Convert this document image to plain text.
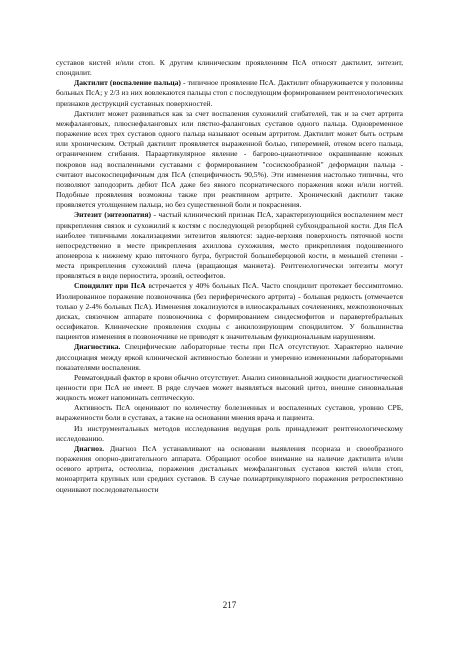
суставов кистей и/или стоп. К другим клиническим проявлениям ПсА относят дактилит, энтезит, спондилит.

Дактилит (воспаление пальца) - типичное проявление ПсА. Дактилит обнаруживается у половины больных ПсА; у 2/3 из них вовлекаются пальцы стоп с последующим формированием рентгенологических признаков деструкций суставных поверхностей.

Дактилит может развиваться как за счет воспаления сухожилий сгибателей, так и за счет артрита межфаланговых, плюснефаланговых или пястно-фаланговых суставов одного пальца. Одновременное поражение всех трех суставов одного пальца называют осевым артритом. Дактилит может быть острым или хроническим. Острый дактилит проявляется выраженной болью, гиперемией, отеком всего пальца, ограничением сгибания. Параартикулярное явление - багрово-цианотичное окрашивание кожных покровов над воспаленными суставами с формированием "сосискообразной" деформации пальца - считают высокоспецифичным для ПсА (специфичность 90,5%). Эти изменения настолько типичны, что позволяют заподозрить дебют ПсА даже без явного псориатического поражения кожи и/или ногтей. Подобные проявления возможны также при реактивном артрите. Хронический дактилит также проявляется утолщением пальца, но без существенной боли и покраснения.

Энтезит (энтезопатия) - частый клинический признак ПсА, характеризующийся воспалением мест прикрепления связок и сухожилий к костям с последующей резорбцией субхондральной кости. Для ПсА наиболее типичными локализациями энтезитов являются: задне-верхняя поверхность пяточной кости непосредственно в месте прикрепления ахиллова сухожилия, место прикрепления подошвенного апоневроза к нижнему краю пяточного бугра, бугристой большеберцовой кости, в меньшей степени - места прикрепления сухожилий плеча (вращающая манжета). Рентгенологически энтезиты могут проявляться в виде периостита, эрозий, остеофитов.

Спондилит при ПсА встречается у 40% больных ПсА. Часто спондилит протекает бессимптомно. Изолированное поражение позвоночника (без периферического артрита) - большая редкость (отмечается только у 2-4% больных ПсА). Изменения локализуются в илиосакральных сочленениях, межпозвоночных дисках, связочном аппарате позвоночника с формированием синдесмофитов и паравертебральных оссификатов. Клинические проявления сходны с анкилозирующим спондилитом. У большинства пациентов изменения в позвоночнике не приводят к значительным функциональным нарушениям.

Диагностика. Специфические лабораторные тесты при ПсА отсутствуют. Характерно наличие диссоциация между яркой клинической активностью болезни и умеренно измененными лабораторными показателями воспаления.

Ревматоидный фактор в крови обычно отсутствует. Анализ синовиальной жидкости диагностической ценности при ПсА не имеет. В ряде случаев может выявляться высокий цитоз, внешне синовиальная жидкость может напоминать септическую.

Активность ПсА оценивают по количеству болезненных и воспаленных суставов, уровню СРБ, выраженности боли в суставах, а также на основании мнения врача и пациента.

Из инструментальных методов исследования ведущая роль принадлежит рентгенологическому исследованию.

Диагноз. Диагноз ПсА устанавливают на основании выявления псориаза и своеобразного поражения опорно-двигательного аппарата. Обращают особое внимание на наличие дактилита и/или осевого артрита, остеолиза, поражения дистальных межфаланговых суставов кистей и/или стоп, моноартрита крупных или средних суставов. В случае полиартрикулярного поражения ретроспективно оценивают последовательности

217
